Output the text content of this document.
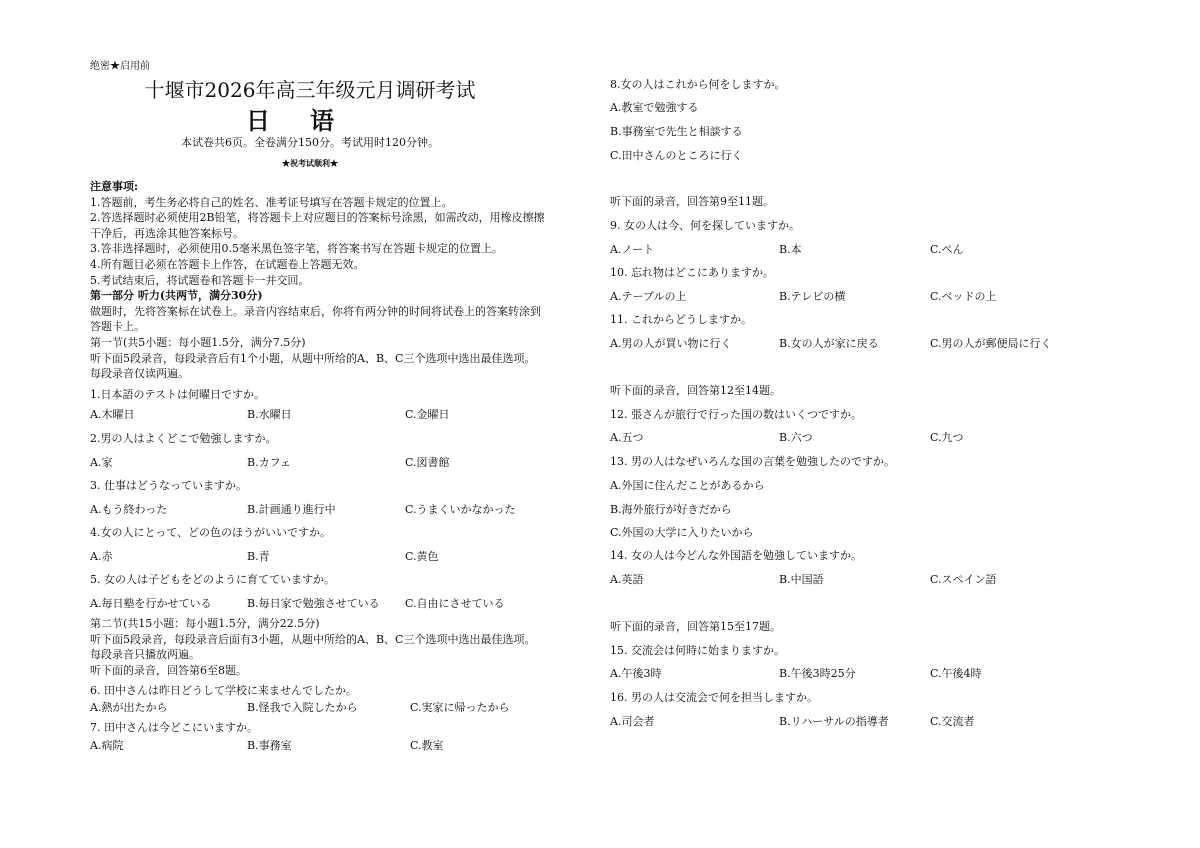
绝密★启用前
十堰市2026年高三年级元月调研考试
日语
本试卷共6页。全卷满分150分。考试用时120分钟。
★祝考试顺利★
注意事项:
1.答题前，考生务必将自己的姓名、准考证号填写在答题卡规定的位置上。
2.答选择题时必须使用2B铅笔，将答题卡上对应题目的答案标号涂黑，如需改动，用橡皮擦擦
干净后，再选涂其他答案标号。
3.答非选择题时，必须使用0.5毫米黑色签字笔，将答案书写在答题卡规定的位置上。
4.所有题目必须在答题卡上作答，在试题卷上答题无效。
5.考试结束后，将试题卷和答题卡一并交回。
第一部分 听力(共两节，满分30分)
做题时，先将答案标在试卷上。录音内容结束后，你将有两分钟的时间将试卷上的答案转涂到
答题卡上。
第一节(共5小题：每小题1.5分，满分7.5分)
听下面5段录音，每段录音后有1个小题，从题中所给的A、B、C三个选项中选出最佳选项。
每段录音仅读两遍。
1.日本語のテストは何曜日ですか。
A.木曜日	B.水曜日	C.金曜日
2.男の人はよくどこで勉強しますか。
A.家	B.カフェ	C.図書館
3. 仕事はどうなっていますか。
A.もう終わった	B.計画通り進行中	C.うまくいかなかった
4.女の人にとって、どの色のほうがいいですか。
A.赤	B.青	C.黄色
5. 女の人は子どもをどのように育てていますか。
A.毎日塾を行かせている	B.毎日家で勉強させている C.自由にさせている
第二节(共15小题：每小题1.5分，满分22.5分)
听下面5段录音，每段录音后面有3小题，从题中所给的A、B、C三个选项中选出最佳选项。
每段录音只播放两遍。
听下面的录音，回答第6至8题。
6. 田中さんは昨日どうして学校に来ませんでしたか。
A.熱が出たから	B.怪我で入院したから	C.実家に帰ったから
7. 田中さんは今どこにいますか。
A.病院	B.事務室	C.教室
8.女の人はこれから何をしますか。
A.教室で勉強する
B.事務室で先生と相談する
C.田中さんのところに行く
听下面的录音，回答第9至11题。
9. 女の人は今、何を探していますか。
A.ノート	B.本	C.ぺん
10. 忘れ物はどこにありますか。
A.テーブルの上	B.テレビの横	C.ベッドの上
11. これからどうしますか。
A.男の人が買い物に行く	B.女の人が家に戻る	C.男の人が郵便局に行く
听下面的录音，回答第12至14题。
12. 張さんが旅行で行った国の数はいくつですか。
A.五つ	B.六つ	C.九つ
13. 男の人はなぜいろんな国の言葉を勉強したのですか。
A.外国に住んだことがあるから
B.海外旅行が好きだから
C.外国の大学に入りたいから
14. 女の人は今どんな外国語を勉強していますか。
A.英語	B.中国語	C.スペイン語
听下面的录音，回答第15至17题。
15. 交流会は何時に始まりますか。
A.午後3時	B.午後3時25分	C.午後4時
16. 男の人は交流会で何を担当しますか。
A.司会者	B.リハーサルの指導者	C.交流者
